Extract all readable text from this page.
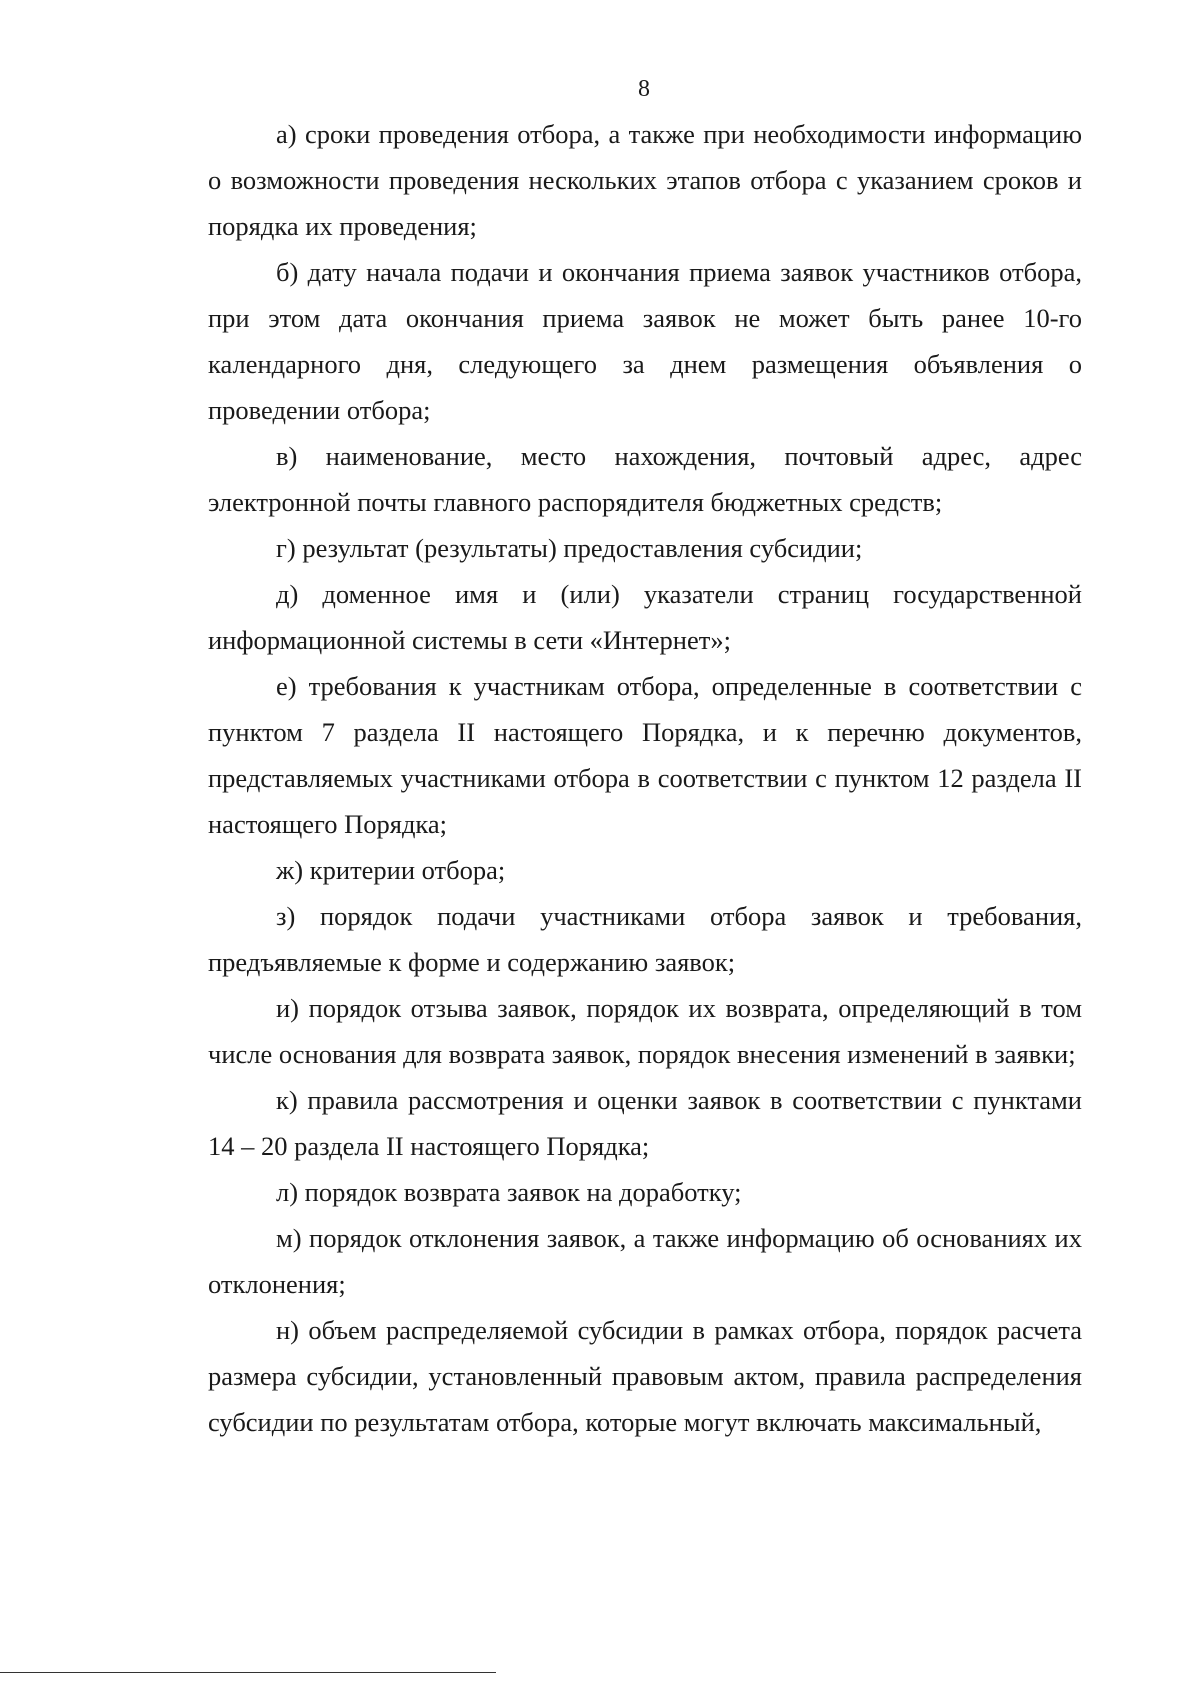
8

а) сроки проведения отбора, а также при необходимости информацию о возможности проведения нескольких этапов отбора с указанием сроков и порядка их проведения;

б) дату начала подачи и окончания приема заявок участников отбора, при этом дата окончания приема заявок не может быть ранее 10-го календарного дня, следующего за днем размещения объявления о проведении отбора;

в) наименование, место нахождения, почтовый адрес, адрес электронной почты главного распорядителя бюджетных средств;

г) результат (результаты) предоставления субсидии;

д) доменное имя и (или) указатели страниц государственной информационной системы в сети «Интернет»;

е) требования к участникам отбора, определенные в соответствии с пунктом 7 раздела II настоящего Порядка, и к перечню документов, представляемых участниками отбора в соответствии с пунктом 12 раздела II настоящего Порядка;

ж) критерии отбора;

з) порядок подачи участниками отбора заявок и требования, предъявляемые к форме и содержанию заявок;

и) порядок отзыва заявок, порядок их возврата, определяющий в том числе основания для возврата заявок, порядок внесения изменений в заявки;

к) правила рассмотрения и оценки заявок в соответствии с пунктами 14 – 20 раздела II настоящего Порядка;

л) порядок возврата заявок на доработку;

м) порядок отклонения заявок, а также информацию об основаниях их отклонения;

н) объем распределяемой субсидии в рамках отбора, порядок расчета размера субсидии, установленный правовым актом, правила распределения субсидии по результатам отбора, которые могут включать максимальный,
